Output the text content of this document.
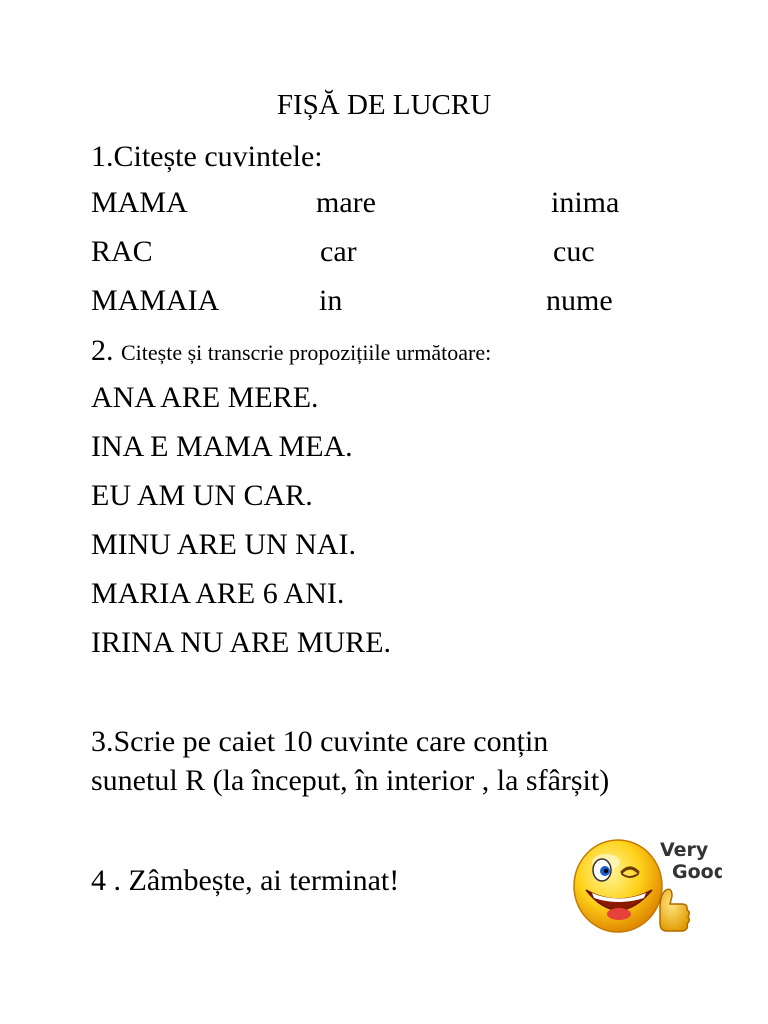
FIȘĂ DE LUCRU
1.Citește cuvintele:
MAMA	mare	inima
RAC	car	cuc
MAMAIA	in	nume
2. Citește și transcrie propozițiile următoare:
ANA ARE MERE.
INA E MAMA MEA.
EU AM UN CAR.
MINU ARE UN NAI.
MARIA ARE 6 ANI.
IRINA NU ARE MURE.
3.Scrie pe caiet 10 cuvinte care conțin
sunetul R (la început, în interior , la sfârșit)
4 . Zâmbește, ai terminat!
Very
Good
